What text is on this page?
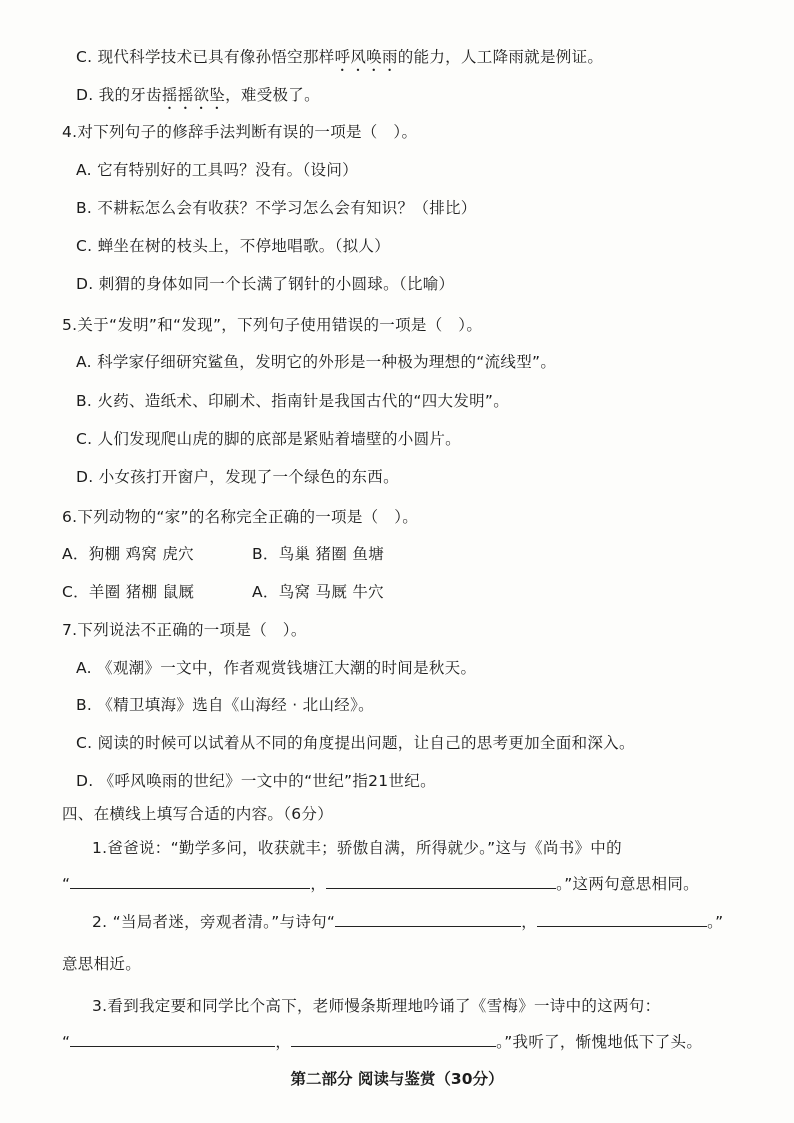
C. 现代科学技术已具有像孙悟空那样呼风唤雨的能力，人工降雨就是例证。
D. 我的牙齿摇摇欲坠，难受极了。
4.对下列句子的修辞手法判断有误的一项是（　）。
A. 它有特别好的工具吗？没有。（设问）
B. 不耕耘怎么会有收获？不学习怎么会有知识？（排比）
C. 蝉坐在树的枝头上，不停地唱歌。（拟人）
D. 刺猬的身体如同一个长满了钢针的小圆球。（比喻）
5.关于“发明”和“发现”，下列句子使用错误的一项是（　）。
A. 科学家仔细研究鲨鱼，发明它的外形是一种极为理想的“流线型”。
B. 火药、造纸术、印刷术、指南针是我国古代的“四大发明”。
C. 人们发现爬山虎的脚的底部是紧贴着墙壁的小圆片。
D. 小女孩打开窗户，发现了一个绿色的东西。
6.下列动物的“家”的名称完全正确的一项是（　）。
A．狗棚 鸡窝 虎穴	B．鸟巢 猪圈 鱼塘
C．羊圈 猪棚 鼠厩	A．鸟窝 马厩 牛穴
7.下列说法不正确的一项是（　）。
A. 《观潮》一文中，作者观赏钱塘江大潮的时间是秋天。
B. 《精卫填海》选自《山海经 · 北山经》。
C. 阅读的时候可以试着从不同的角度提出问题，让自己的思考更加全面和深入。
D. 《呼风唤雨的世纪》一文中的“世纪”指21世纪。
四、在横线上填写合适的内容。（6分）
1.爸爸说：“勤学多问，收获就丰；骄傲自满，所得就少。”这与《尚书》中的
“	，	。”这两句意思相同。
2. “当局者迷，旁观者清。”与诗句“	，	。”
意思相近。
3.看到我定要和同学比个高下，老师慢条斯理地吟诵了《雪梅》一诗中的这两句：
“	，	。”我听了，惭愧地低下了头。
第二部分 阅读与鉴赏（30分）
